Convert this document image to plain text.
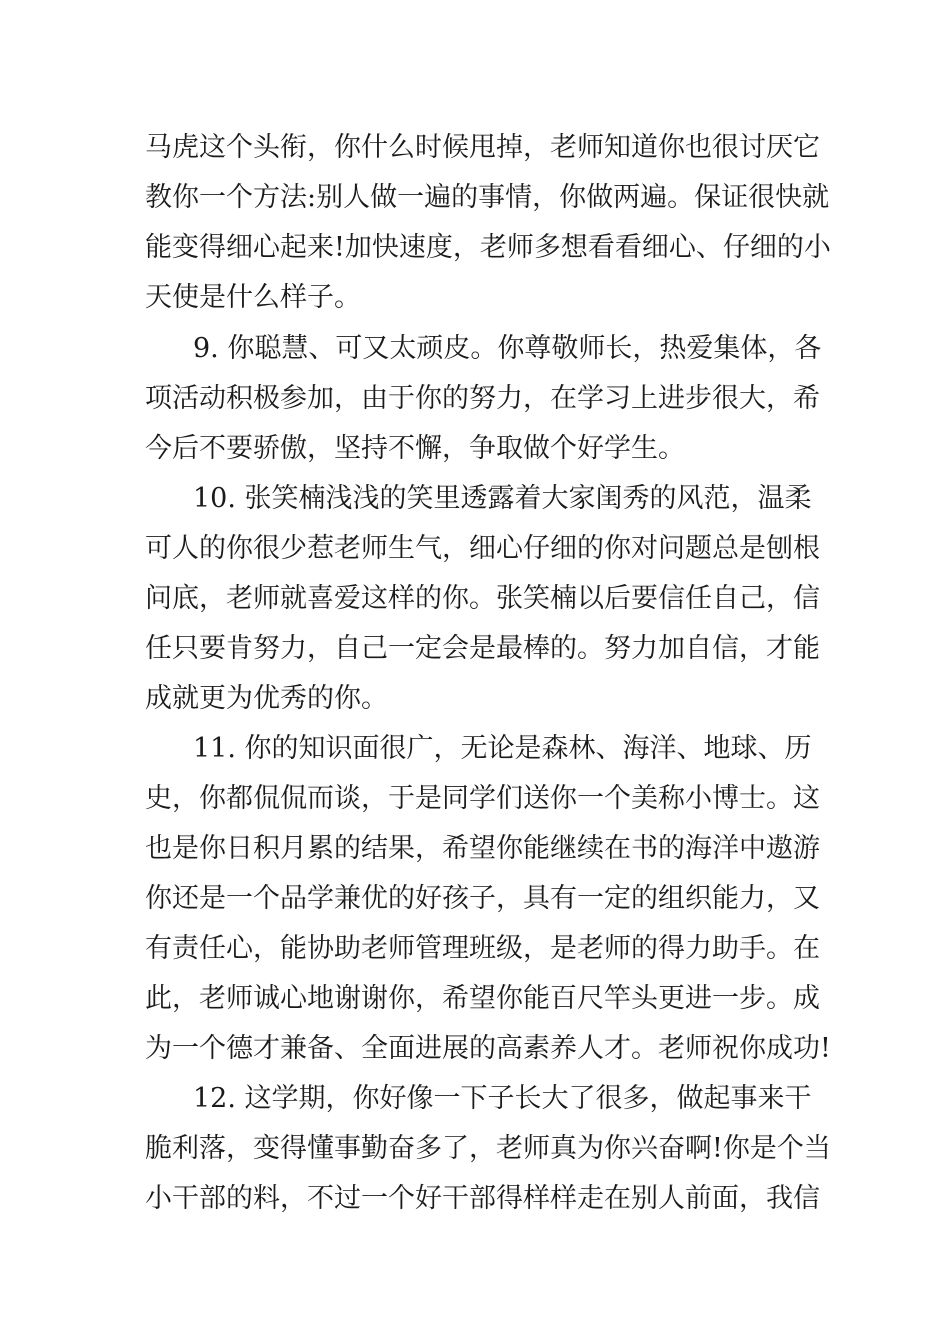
马虎这个头衔，你什么时候甩掉，老师知道你也很讨厌它
教你一个方法:别人做一遍的事情，你做两遍。保证很快就
能变得细心起来!加快速度，老师多想看看细心、仔细的小
天使是什么样子。
9. 你聪慧、可又太顽皮。你尊敬师长，热爱集体，各
项活动积极参加，由于你的努力，在学习上进步很大，希
今后不要骄傲，坚持不懈，争取做个好学生。
10. 张笑楠浅浅的笑里透露着大家闺秀的风范，温柔
可人的你很少惹老师生气，细心仔细的你对问题总是刨根
问底，老师就喜爱这样的你。张笑楠以后要信任自己，信
任只要肯努力，自己一定会是最棒的。努力加自信，才能
成就更为优秀的你。
11. 你的知识面很广，无论是森林、海洋、地球、历
史，你都侃侃而谈，于是同学们送你一个美称小博士。这
也是你日积月累的结果，希望你能继续在书的海洋中遨游
你还是一个品学兼优的好孩子，具有一定的组织能力，又
有责任心，能协助老师管理班级，是老师的得力助手。在
此，老师诚心地谢谢你，希望你能百尺竿头更进一步。成
为一个德才兼备、全面进展的高素养人才。老师祝你成功!
12. 这学期，你好像一下子长大了很多，做起事来干
脆利落，变得懂事勤奋多了，老师真为你兴奋啊!你是个当
小干部的料，不过一个好干部得样样走在别人前面，我信
